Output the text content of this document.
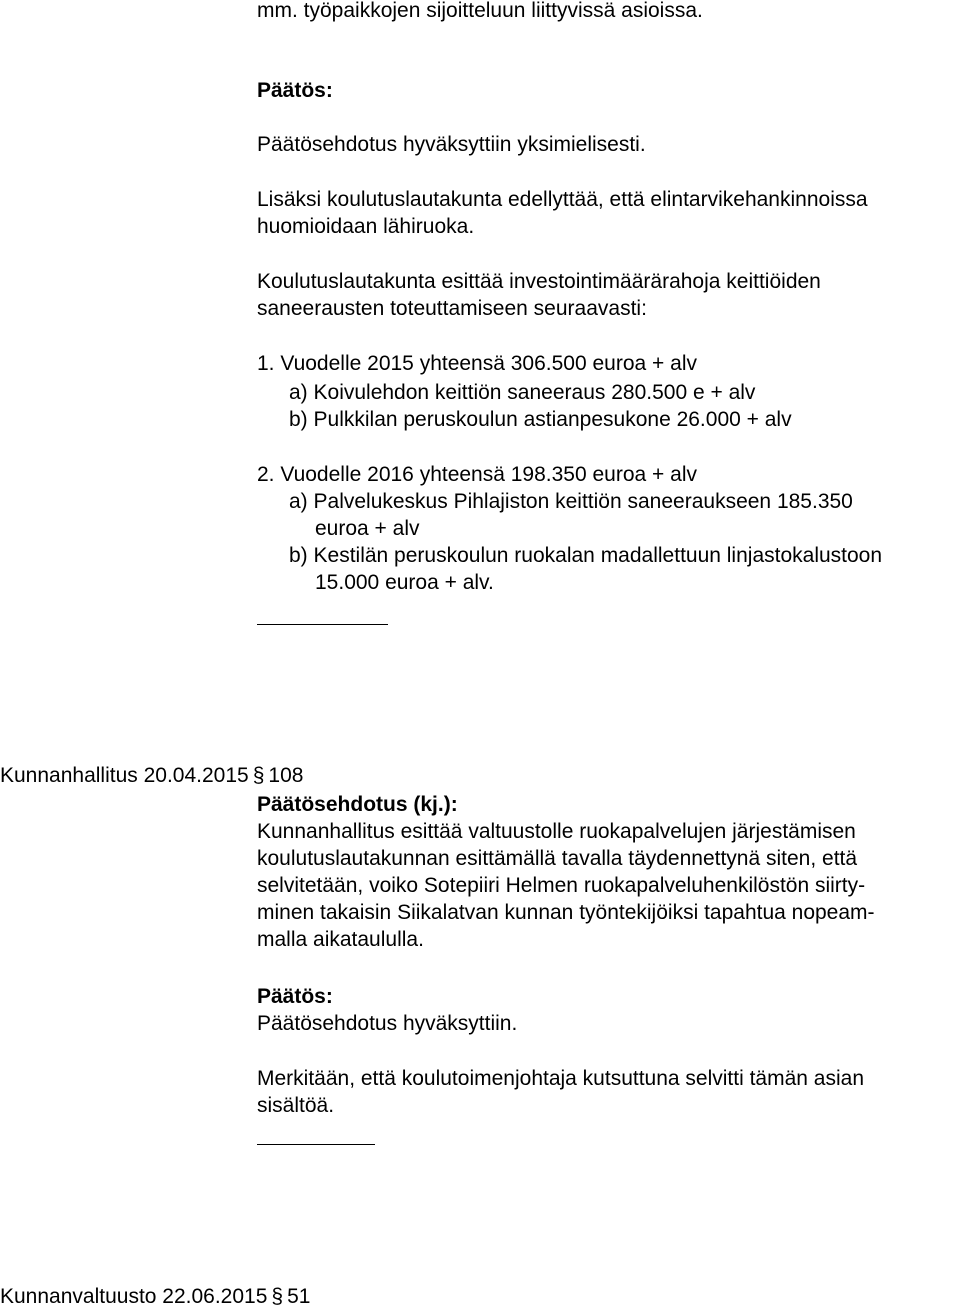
mm. työpaikkojen sijoitteluun liittyvissä asioissa.
Päätös:
Päätösehdotus hyväksyttiin yksimielisesti.
Lisäksi koulutuslautakunta edellyttää, että elintarvikehankinnoissa
huomioidaan lähiruoka.
Koulutuslautakunta esittää investointimäärärahoja keittiöiden
saneerausten toteuttamiseen seuraavasti:
1. Vuodelle 2015 yhteensä 306.500 euroa + alv
a) Koivulehdon keittiön saneeraus 280.500 e + alv
b) Pulkkilan peruskoulun astianpesukone 26.000 + alv
2. Vuodelle 2016 yhteensä 198.350 euroa + alv
a) Palvelukeskus Pihlajiston keittiön saneeraukseen 185.350
euroa + alv
b) Kestilän peruskoulun ruokalan madallettuun linjastokalustoon
15.000 euroa + alv.
Kunnanhallitus 20.04.2015 § 108
Päätösehdotus (kj.):
Kunnanhallitus esittää valtuustolle ruokapalvelujen järjestämisen
koulutuslautakunnan esittämällä tavalla täydennettynä siten, että
selvitetään, voiko Sotepiiri Helmen ruokapalveluhenkilöstön siirty-
minen takaisin Siikalatvan kunnan työntekijöiksi tapahtua nopeam-
malla aikataululla.
Päätös:
Päätösehdotus hyväksyttiin.
Merkitään, että koulutoimenjohtaja kutsuttuna selvitti tämän asian
sisältöä.
Kunnanvaltuusto 22.06.2015 § 51
